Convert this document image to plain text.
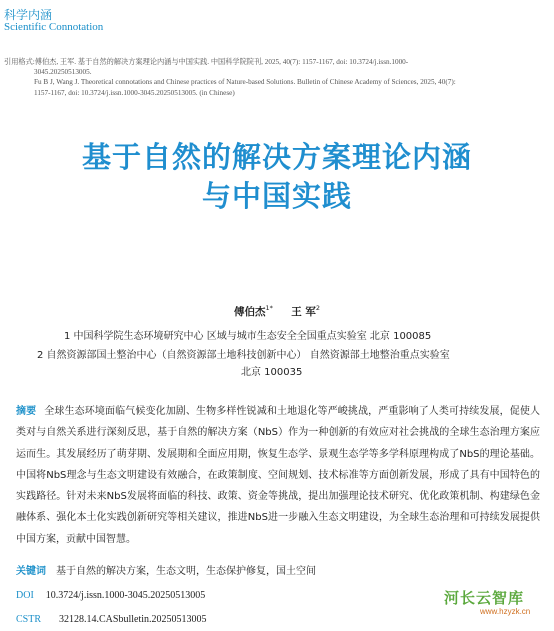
科学内涵
Scientific Connotation
引用格式:傅伯杰, 王军. 基于自然的解决方案理论内涵与中国实践. 中国科学院院刊, 2025, 40(7): 1157-1167, doi: 10.3724/j.issn.1000-
3045.20250513005.
Fu B J, Wang J. Theoretical connotations and Chinese practices of Nature-based Solutions. Bulletin of Chinese Academy of Sciences, 2025, 40(7):
1157-1167, doi: 10.3724/j.issn.1000-3045.20250513005. (in Chinese)
基于自然的解决方案理论内涵
与中国实践
傅伯杰$^{1*}$ 王 军$^2$
1 中国科学院生态环境研究中心 区域与城市生态安全全国重点实验室 北京 100085
2 自然资源部国土整治中心（自然资源部土地科技创新中心） 自然资源部土地整治重点实验室
北京 100035
摘要 全球生态环境面临气候变化加剧、生物多样性锐减和土地退化等严峻挑战，严重影响了人类可持续发展，促使人类对与自然关系进行深刻反思，基于自然的解决方案（NbS）作为一种创新的有效应对社会挑战的全球生态治理方案应运而生。其发展经历了萌芽期、发展期和全面应用期，恢复生态学、景观生态学等多学科原理构成了NbS的理论基础。中国将NbS理念与生态文明建设有效融合，在政策制度、空间规划、技术标准等方面创新发展，形成了具有中国特色的实践路径。针对未来NbS发展将面临的科技、政策、资金等挑战，提出加强理论技术研究、优化政策机制、构建绿色金融体系、强化本土化实践创新研究等相关建议，推进NbS进一步融入生态文明建设，为全球生态治理和可持续发展提供中国方案，贡献中国智慧。
关键词 基于自然的解决方案，生态文明，生态保护修复，国土空间
DOI 10.3724/j.issn.1000-3045.20250513005
CSTR 32128.14.CASbulletin.20250513005
河长云智库
www.hzyzk.cn
